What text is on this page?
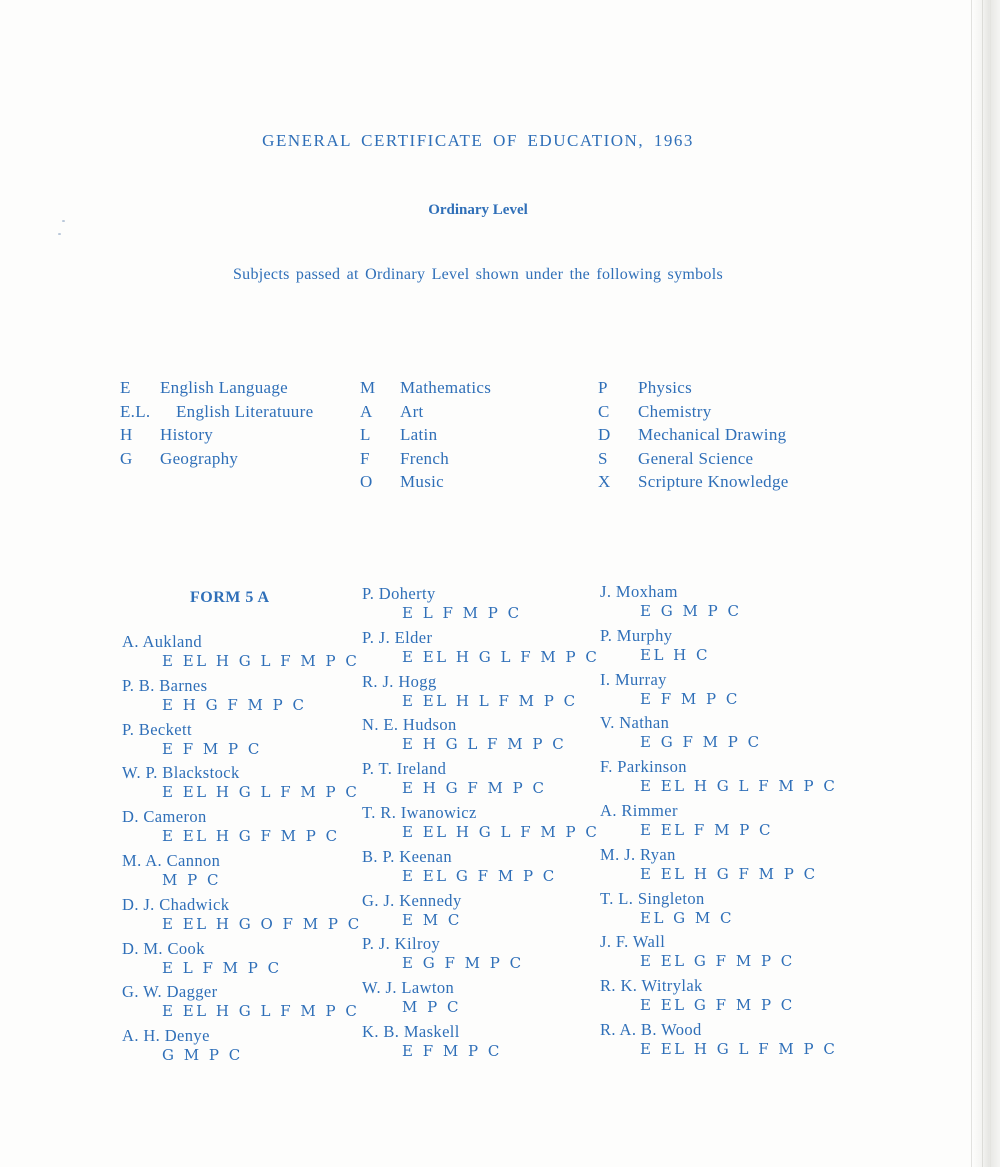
GENERAL CERTIFICATE OF EDUCATION, 1963
Ordinary Level
Subjects passed at Ordinary Level shown under the following symbols
E	English Language
E.L.	English Literatuure
H	History
G	Geography
M	Mathematics
A	Art
L	Latin
F	French
O	Music
P	Physics
C	Chemistry
D	Mechanical Drawing
S	General Science
X	Scripture Knowledge
FORM 5 A
A. Aukland
E EL H G L F M P C
P. B. Barnes
E H G F M P C
P. Beckett
E F M P C
W. P. Blackstock
E EL H G L F M P C
D. Cameron
E EL H G F M P C
M. A. Cannon
M P C
D. J. Chadwick
E EL H G O F M P C
D. M. Cook
E L F M P C
G. W. Dagger
E EL H G L F M P C
A. H. Denye
G M P C
P. Doherty
E L F M P C
P. J. Elder
E EL H G L F M P C
R. J. Hogg
E EL H L F M P C
N. E. Hudson
E H G L F M P C
P. T. Ireland
E H G F M P C
T. R. Iwanowicz
E EL H G L F M P C
B. P. Keenan
E EL G F M P C
G. J. Kennedy
E M C
P. J. Kilroy
E G F M P C
W. J. Lawton
M P C
K. B. Maskell
E F M P C
J. Moxham
E G M P C
P. Murphy
EL H C
I. Murray
E F M P C
V. Nathan
E G F M P C
F. Parkinson
E EL H G L F M P C
A. Rimmer
E EL F M P C
M. J. Ryan
E EL H G F M P C
T. L. Singleton
EL G M C
J. F. Wall
E EL G F M P C
R. K. Witrylak
E EL G F M P C
R. A. B. Wood
E EL H G L F M P C
